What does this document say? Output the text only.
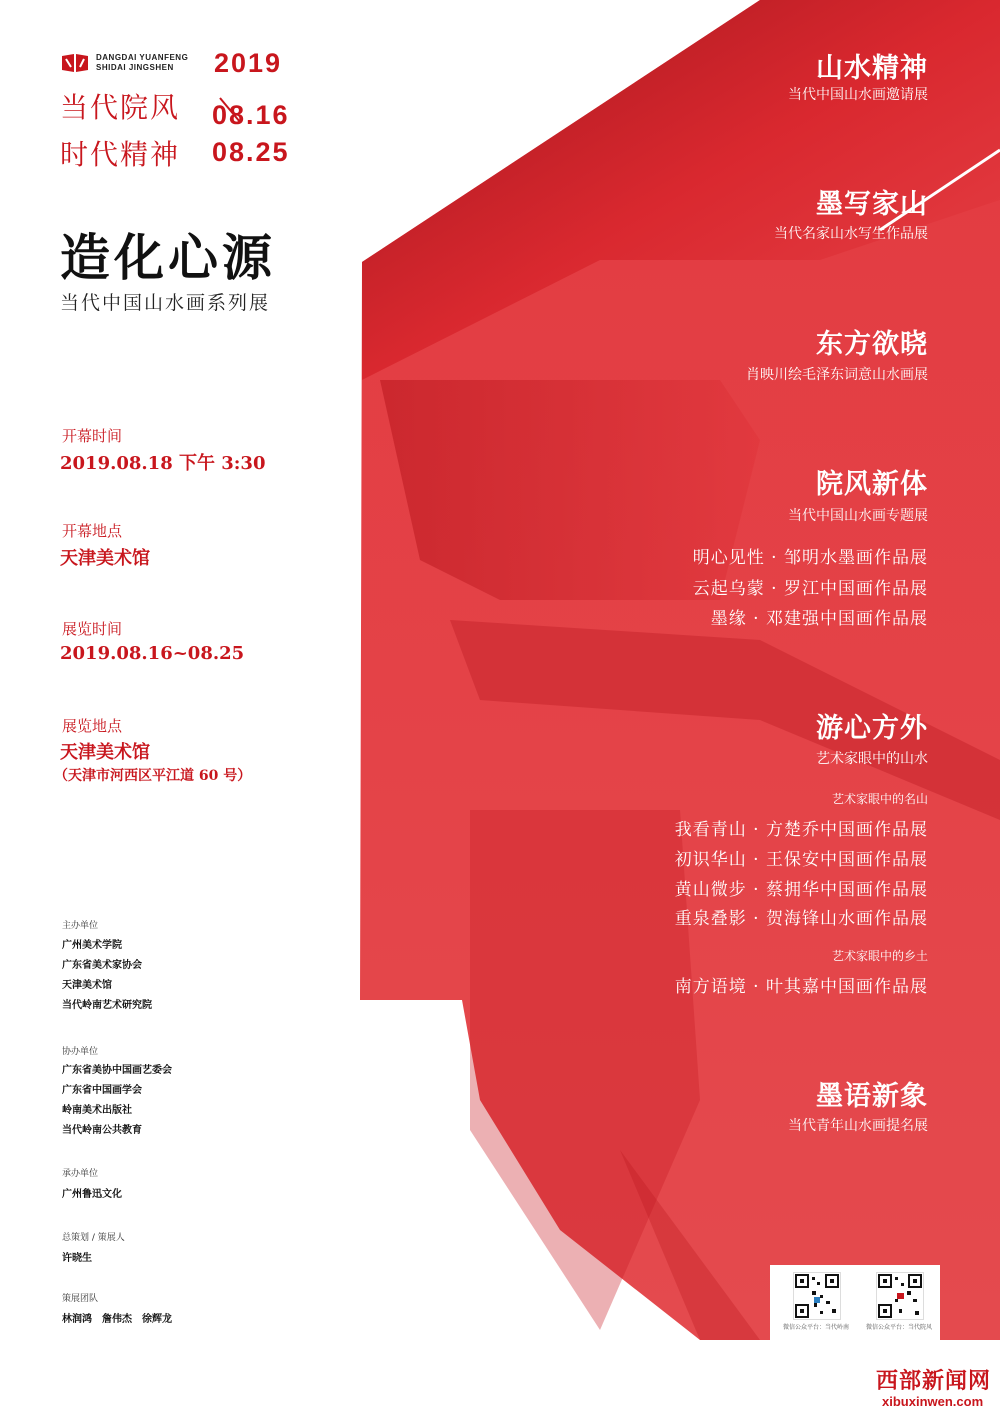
DANGDAI YUANFENG
SHIDAI JINGSHEN	2019
08.16
08.25
当代院风
时代精神
造化心源
当代中国山水画系列展
开幕时间
2019.08.18 下午 3:30
开幕地点
天津美术馆
展览时间
2019.08.16~08.25
展览地点
天津美术馆
（天津市河西区平江道 60 号）
主办单位
广州美术学院
广东省美术家协会
天津美术馆
当代岭南艺术研究院
协办单位
广东省美协中国画艺委会
广东省中国画学会
岭南美术出版社
当代岭南公共教育
承办单位
广州鲁迅文化
总策划 / 策展人
许晓生
策展团队
林润鸿　詹伟杰　徐辉龙
山水精神
当代中国山水画邀请展
墨写家山
当代名家山水写生作品展
东方欲晓
肖映川绘毛泽东词意山水画展
院风新体
当代中国山水画专题展
明心见性 · 邹明水墨画作品展
云起乌蒙 · 罗江中国画作品展
墨缘 · 邓建强中国画作品展
游心方外
艺术家眼中的山水
艺术家眼中的名山
我看青山 · 方楚乔中国画作品展
初识华山 · 王保安中国画作品展
黄山微步 · 蔡拥华中国画作品展
重泉叠影 · 贺海锋山水画作品展
艺术家眼中的乡土
南方语境 · 叶其嘉中国画作品展
墨语新象
当代青年山水画提名展
微信公众平台：当代岭南	微信公众平台：当代院风
西部新闻网
xibuxinwen.com
